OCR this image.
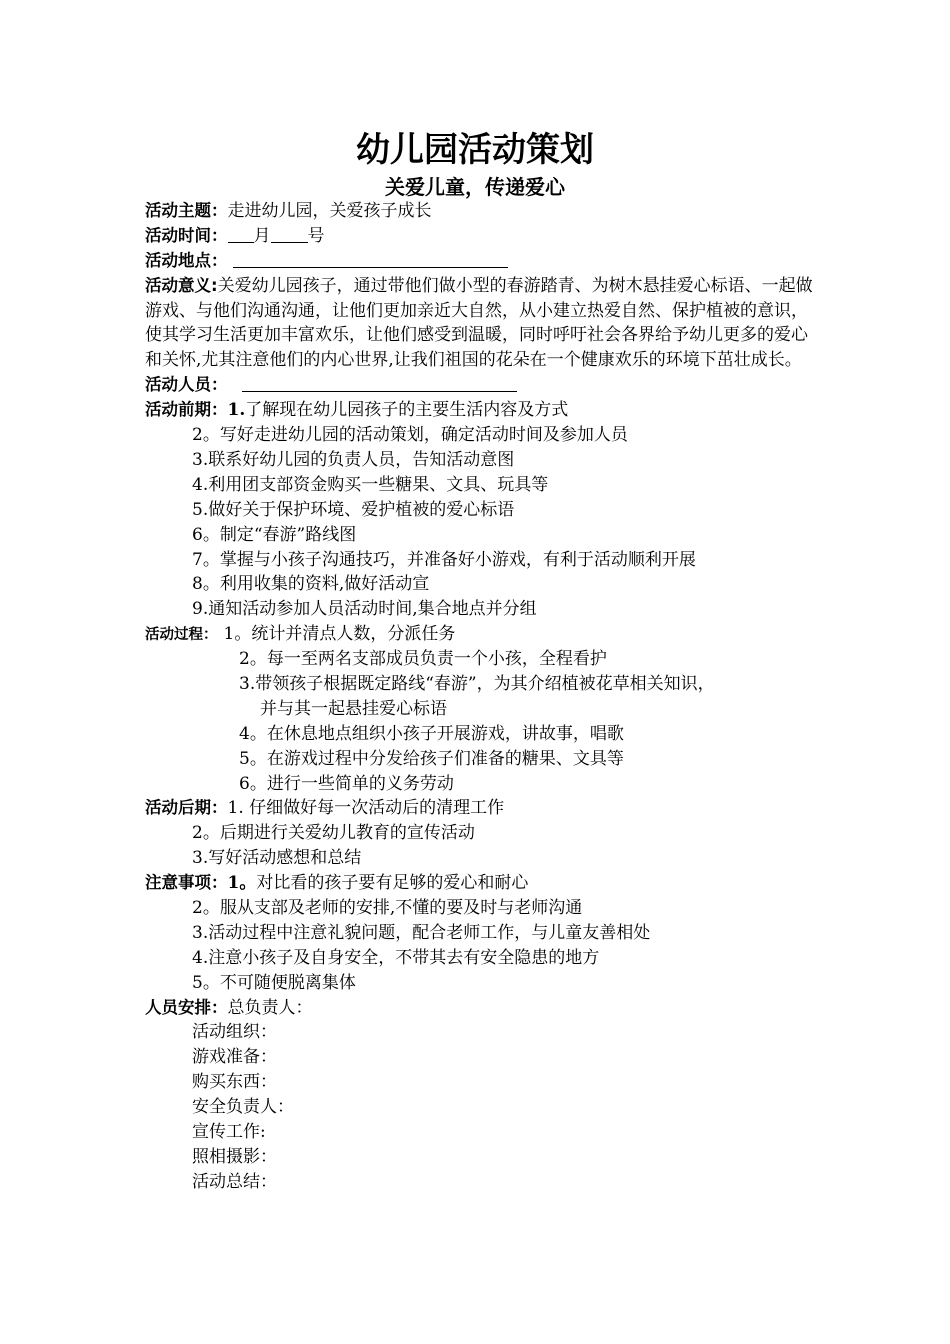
幼儿园活动策划
关爱儿童，传递爱心
活动主题：走进幼儿园，关爱孩子成长
活动时间： 月 号
活动地点：
活动意义:关爱幼儿园孩子，通过带他们做小型的春游踏青、为树木悬挂爱心标语、一起做游戏、与他们沟通沟通，让他们更加亲近大自然，从小建立热爱自然、保护植被的意识，使其学习生活更加丰富欢乐，让他们感受到温暖，同时呼吁社会各界给予幼儿更多的爱心和关怀,尤其注意他们的内心世界,让我们祖国的花朵在一个健康欢乐的环境下茁壮成长。
活动人员：
活动前期：1.了解现在幼儿园孩子的主要生活内容及方式
2。写好走进幼儿园的活动策划，确定活动时间及参加人员
3.联系好幼儿园的负责人员，告知活动意图
4.利用团支部资金购买一些糖果、文具、玩具等
5.做好关于保护环境、爱护植被的爱心标语
6。制定“春游”路线图
7。掌握与小孩子沟通技巧，并准备好小游戏，有利于活动顺利开展
8。利用收集的资料,做好活动宣
9.通知活动参加人员活动时间,集合地点并分组
活动过程： 1。统计并清点人数，分派任务
2。每一至两名支部成员负责一个小孩，全程看护
3.带领孩子根据既定路线“春游”，为其介绍植被花草相关知识，
并与其一起悬挂爱心标语
4。在休息地点组织小孩子开展游戏，讲故事，唱歌
5。在游戏过程中分发给孩子们准备的糖果、文具等
6。进行一些简单的义务劳动
活动后期：1. 仔细做好每一次活动后的清理工作
2。后期进行关爱幼儿教育的宣传活动
3.写好活动感想和总结
注意事项：1。对比看的孩子要有足够的爱心和耐心
2。服从支部及老师的安排,不懂的要及时与老师沟通
3.活动过程中注意礼貌问题，配合老师工作，与儿童友善相处
4.注意小孩子及自身安全，不带其去有安全隐患的地方
5。不可随便脱离集体
人员安排：总负责人：
活动组织：
游戏准备：
购买东西：
安全负责人：
宣传工作:
照相摄影：
活动总结：
